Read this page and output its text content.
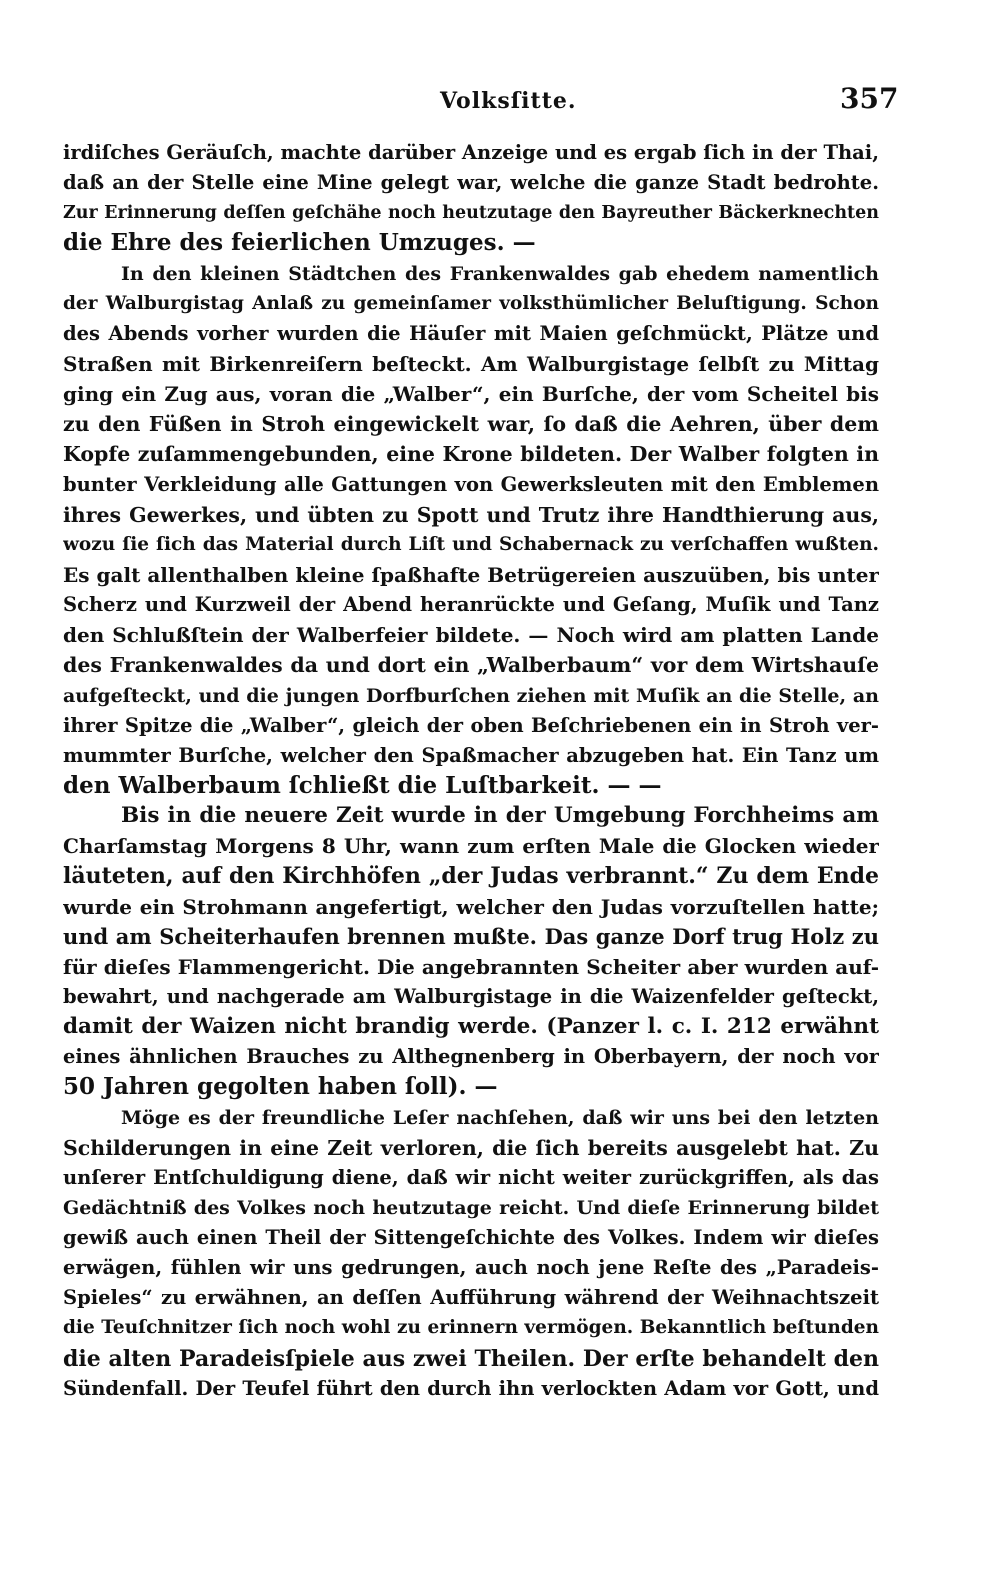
Volksſitte.	357
irdiſches Geräuſch, machte darüber Anzeige und es ergab ſich in der Thai,
daß an der Stelle eine Mine gelegt war, welche die ganze Stadt bedrohte.
Zur Erinnerung deſſen geſchähe noch heutzutage den Bayreuther Bäckerknechten
die Ehre des feierlichen Umzuges. —
In den kleinen Städtchen des Frankenwaldes gab ehedem namentlich
der Walburgistag Anlaß zu gemeinſamer volksthümlicher Beluſtigung. Schon
des Abends vorher wurden die Häuſer mit Maien geſchmückt, Plätze und
Straßen mit Birkenreiſern beſteckt. Am Walburgistage ſelbſt zu Mittag
ging ein Zug aus, voran die „Walber“, ein Burſche, der vom Scheitel bis
zu den Füßen in Stroh eingewickelt war, ſo daß die Aehren, über dem
Kopfe zuſammengebunden, eine Krone bildeten. Der Walber folgten in
bunter Verkleidung alle Gattungen von Gewerksleuten mit den Emblemen
ihres Gewerkes, und übten zu Spott und Trutz ihre Handthierung aus,
wozu ſie ſich das Material durch Liſt und Schabernack zu verſchaffen wußten.
Es galt allenthalben kleine ſpaßhafte Betrügereien auszuüben, bis unter
Scherz und Kurzweil der Abend heranrückte und Geſang, Muſik und Tanz
den Schlußſtein der Walberfeier bildete. — Noch wird am platten Lande
des Frankenwaldes da und dort ein „Walberbaum“ vor dem Wirtshauſe
aufgeſteckt, und die jungen Dorfburſchen ziehen mit Muſik an die Stelle, an
ihrer Spitze die „Walber“, gleich der oben Beſchriebenen ein in Stroh ver-
mummter Burſche, welcher den Spaßmacher abzugeben hat. Ein Tanz um
den Walberbaum ſchließt die Luſtbarkeit. — —
Bis in die neuere Zeit wurde in der Umgebung Forchheims am
Charſamstag Morgens 8 Uhr, wann zum erſten Male die Glocken wieder
läuteten, auf den Kirchhöfen „der Judas verbrannt.“ Zu dem Ende
wurde ein Strohmann angefertigt, welcher den Judas vorzuſtellen hatte;
und am Scheiterhaufen brennen mußte. Das ganze Dorf trug Holz zu
für dieſes Flammengericht. Die angebrannten Scheiter aber wurden auf-
bewahrt, und nachgerade am Walburgistage in die Waizenfelder geſteckt,
damit der Waizen nicht brandig werde. (Panzer l. c. I. 212 erwähnt
eines ähnlichen Brauches zu Althegnenberg in Oberbayern, der noch vor
50 Jahren gegolten haben ſoll). —
Möge es der freundliche Leſer nachſehen, daß wir uns bei den letzten
Schilderungen in eine Zeit verloren, die ſich bereits ausgelebt hat. Zu
unſerer Entſchuldigung diene, daß wir nicht weiter zurückgriffen, als das
Gedächtniß des Volkes noch heutzutage reicht. Und dieſe Erinnerung bildet
gewiß auch einen Theil der Sittengeſchichte des Volkes. Indem wir dieſes
erwägen, fühlen wir uns gedrungen, auch noch jene Reſte des „Paradeis-
Spieles“ zu erwähnen, an deſſen Aufführung während der Weihnachtszeit
die Teuſchnitzer ſich noch wohl zu erinnern vermögen. Bekanntlich beſtunden
die alten Paradeisſpiele aus zwei Theilen. Der erſte behandelt den
Sündenfall. Der Teufel führt den durch ihn verlockten Adam vor Gott, und
